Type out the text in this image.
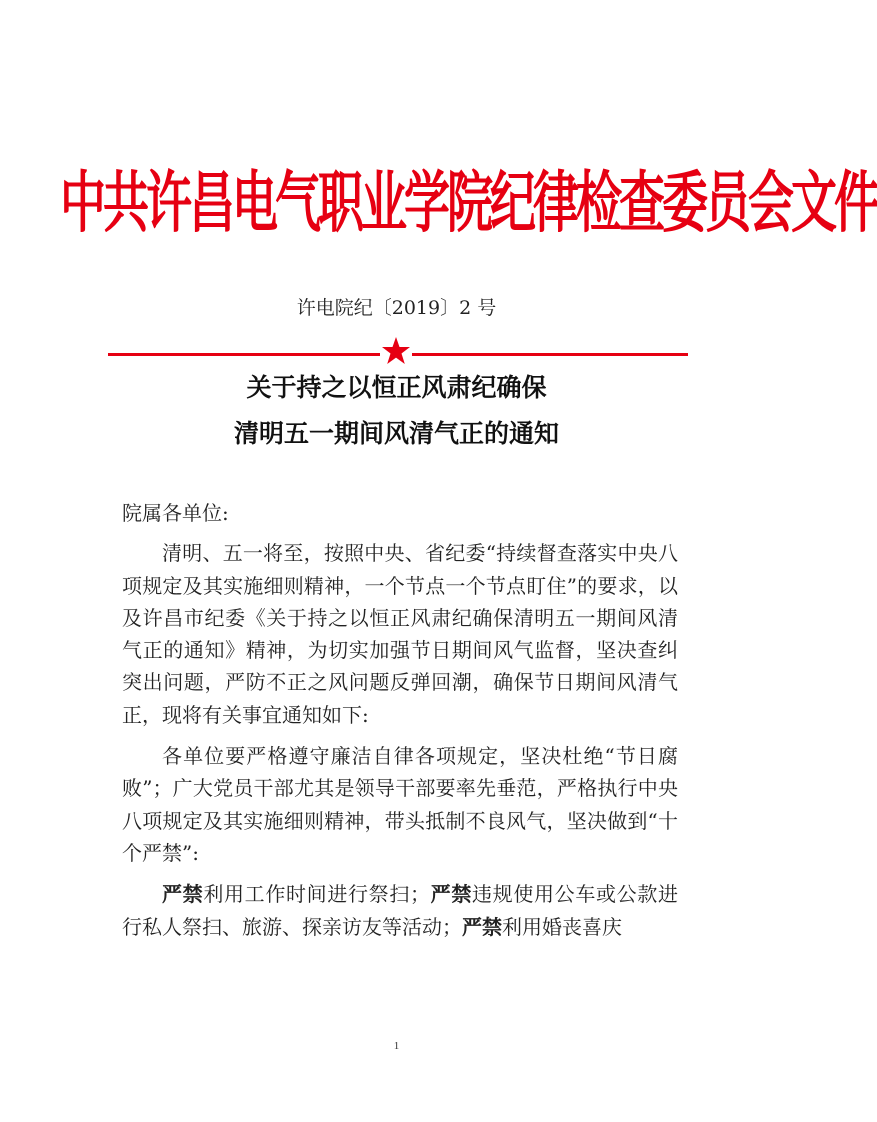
中共许昌电气职业学院纪律检查委员会文件
许电院纪〔2019〕2 号
关于持之以恒正风肃纪确保
清明五一期间风清气正的通知

院属各单位:

清明、五一将至，按照中央、省纪委“持续督查落实中央八项规定及其实施细则精神，一个节点一个节点盯住”的要求，以及许昌市纪委《关于持之以恒正风肃纪确保清明五一期间风清气正的通知》精神，为切实加强节日期间风气监督，坚决查纠突出问题，严防不正之风问题反弹回潮，确保节日期间风清气正，现将有关事宜通知如下:

各单位要严格遵守廉洁自律各项规定，坚决杜绝“节日腐败”；广大党员干部尤其是领导干部要率先垂范，严格执行中央八项规定及其实施细则精神，带头抵制不良风气，坚决做到“十个严禁”:

严禁利用工作时间进行祭扫；严禁违规使用公车或公款进行私人祭扫、旅游、探亲访友等活动；严禁利用婚丧喜庆

1
